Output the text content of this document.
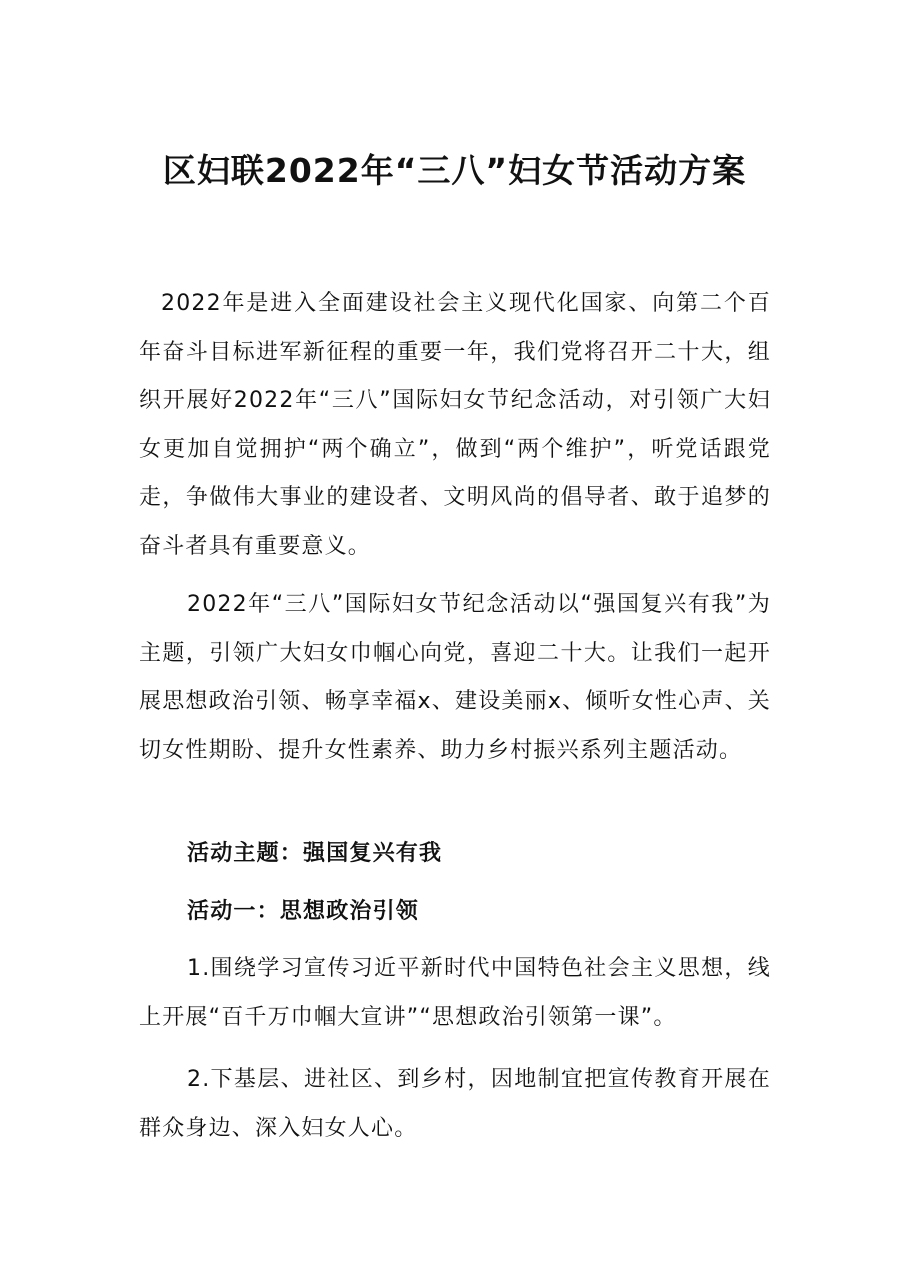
区妇联2022年“三八”妇女节活动方案

2022年是进入全面建设社会主义现代化国家、向第二个百年奋斗目标进军新征程的重要一年，我们党将召开二十大，组织开展好2022年“三八”国际妇女节纪念活动，对引领广大妇女更加自觉拥护“两个确立”，做到“两个维护”，听党话跟党走，争做伟大事业的建设者、文明风尚的倡导者、敢于追梦的奋斗者具有重要意义。

2022年“三八”国际妇女节纪念活动以“强国复兴有我”为主题，引领广大妇女巾帼心向党，喜迎二十大。让我们一起开展思想政治引领、畅享幸福x、建设美丽x、倾听女性心声、关切女性期盼、提升女性素养、助力乡村振兴系列主题活动。

活动主题：强国复兴有我

活动一：思想政治引领

1.围绕学习宣传习近平新时代中国特色社会主义思想，线上开展“百千万巾帼大宣讲”“思想政治引领第一课”。

2.下基层、进社区、到乡村，因地制宜把宣传教育开展在群众身边、深入妇女人心。
